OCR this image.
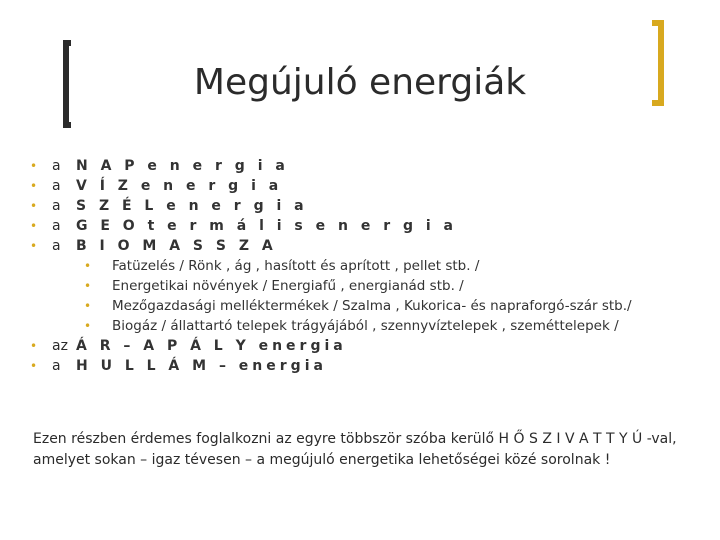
Megújuló energiák
• a N A P e n e r g i a
• a V Í Z e n e r g i a
• a S Z É L e n e r g i a
• a G E O t e r m á l i s e n e r g i a
• a B I O M A S S Z A
• Fatüzelés / Rönk , ág , hasított és aprított , pellet stb. /
• Energetikai növények / Energiafű , energianád stb. /
• Mezőgazdasági melléktermékek / Szalma , Kukorica- és napraforgó-szár stb./
• Biogáz / állattartó telepek trágyájából , szennyvíztelepek , szeméttelepek /
• az Á R – A P Á L Y energia
• a H U L L Á M – energia

Ezen részben érdemes foglalkozni az egyre többször szóba kerülő H Ő S Z I V A T T Y Ú -val, amelyet sokan – igaz tévesen – a megújuló energetika lehetőségei közé sorolnak !
